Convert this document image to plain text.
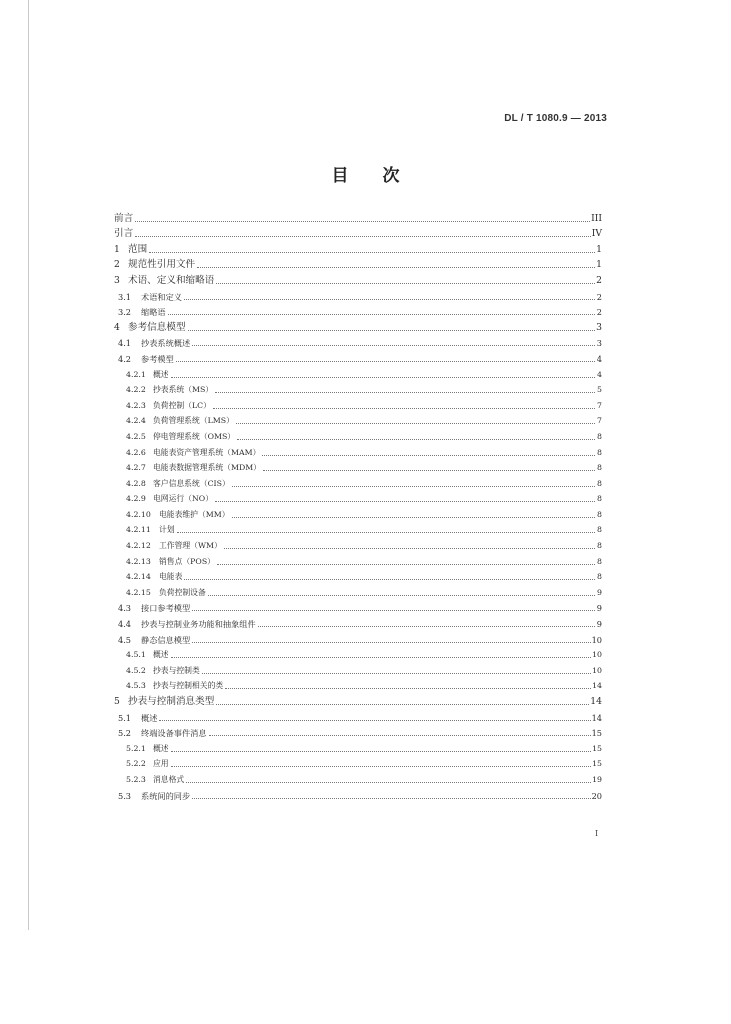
DL / T 1080.9 — 2013
目 次
前言	III
引言	IV
1 范围	1
2 规范性引用文件	1
3 术语、定义和缩略语	2
3.1	术语和定义	2
3.2	缩略语	2
4 参考信息模型	3
4.1	抄表系统概述	3
4.2	参考模型	4
4.2.1 概述	4
4.2.2 抄表系统（MS）	5
4.2.3 负荷控制（LC）	7
4.2.4 负荷管理系统（LMS）	7
4.2.5 停电管理系统（OMS）	8
4.2.6 电能表资产管理系统（MAM）	8
4.2.7 电能表数据管理系统（MDM）	8
4.2.8 客户信息系统（CIS）	8
4.2.9 电网运行（NO）	8
4.2.10	电能表维护（MM）	8
4.2.11	计划	8
4.2.12	工作管理（WM）	8
4.2.13	销售点（POS）	8
4.2.14	电能表	8
4.2.15	负荷控制设备	9
4.3	接口参考模型	9
4.4	抄表与控制业务功能和抽象组件	9
4.5	静态信息模型	10
4.5.1 概述	10
4.5.2 抄表与控制类	10
4.5.3 抄表与控制相关的类	14
5 抄表与控制消息类型	14
5.1	概述	14
5.2	终端设备事件消息	15
5.2.1 概述	15
5.2.2 应用	15
5.2.3 消息格式	19
5.3	系统间的同步	20
I
